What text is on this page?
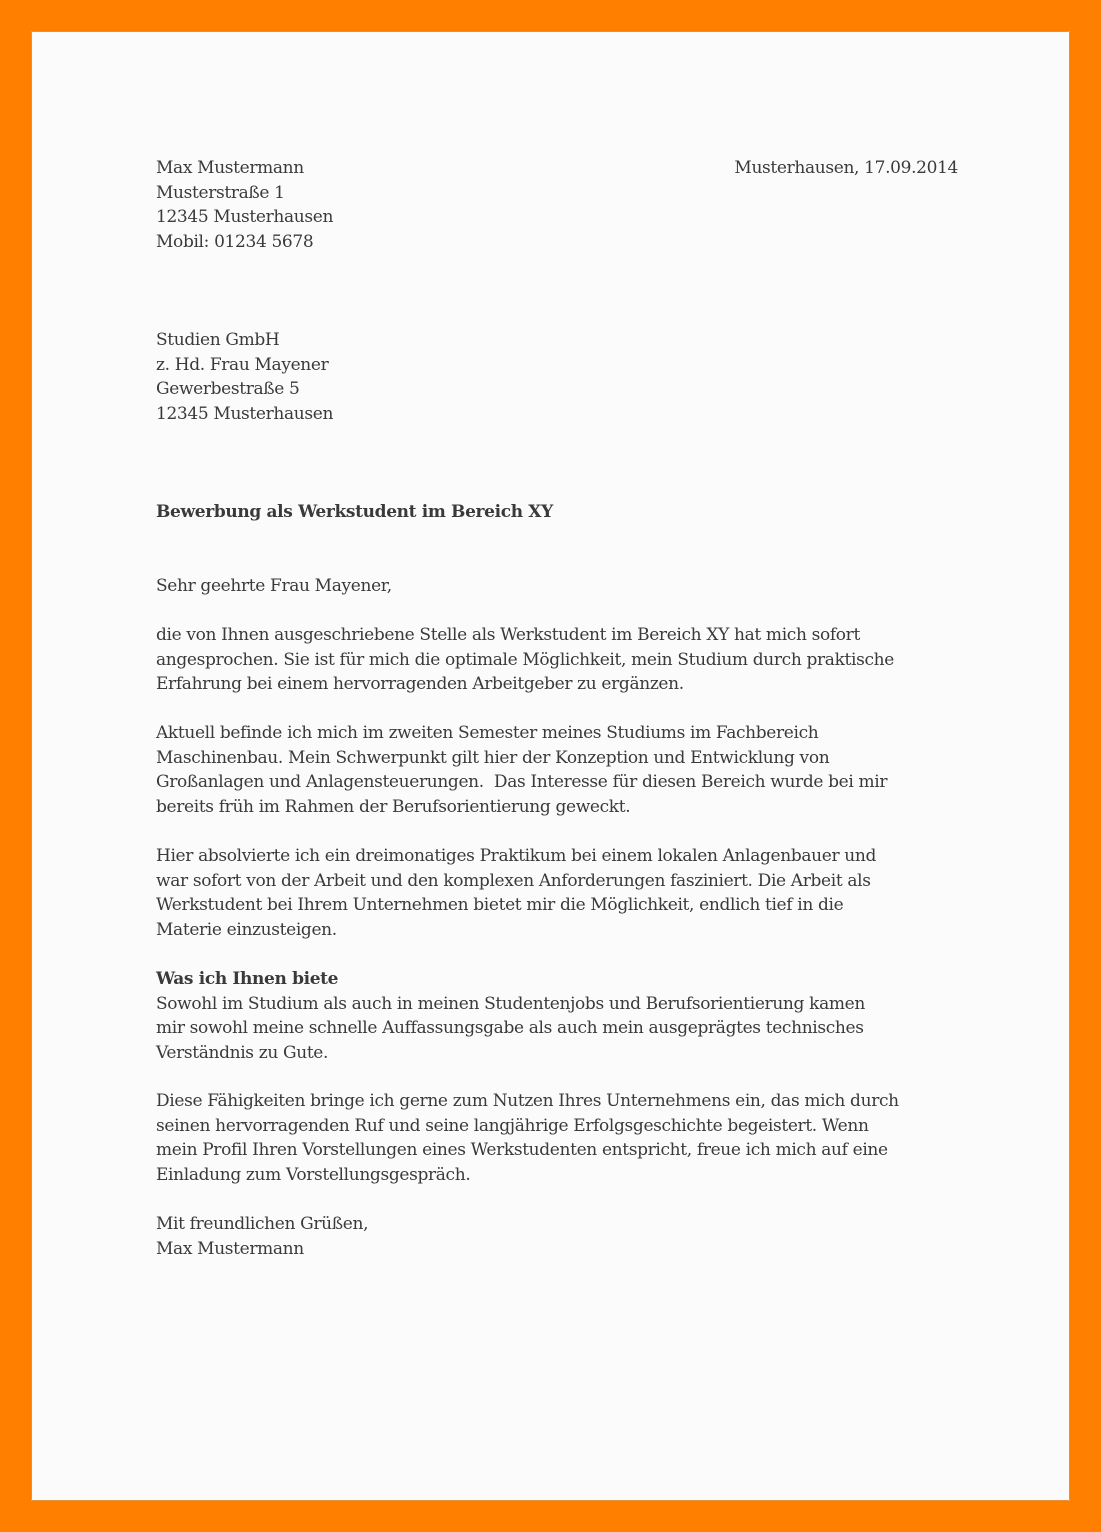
Max Mustermann
Musterstraße 1
12345 Musterhausen
Mobil: 01234 5678
Musterhausen, 17.09.2014
Studien GmbH
z. Hd. Frau Mayener
Gewerbestraße 5
12345 Musterhausen
Bewerbung als Werkstudent im Bereich XY
Sehr geehrte Frau Mayener,
die von Ihnen ausgeschriebene Stelle als Werkstudent im Bereich XY hat mich sofort
angesprochen. Sie ist für mich die optimale Möglichkeit, mein Studium durch praktische
Erfahrung bei einem hervorragenden Arbeitgeber zu ergänzen.
Aktuell befinde ich mich im zweiten Semester meines Studiums im Fachbereich
Maschinenbau. Mein Schwerpunkt gilt hier der Konzeption und Entwicklung von
Großanlagen und Anlagensteuerungen.  Das Interesse für diesen Bereich wurde bei mir
bereits früh im Rahmen der Berufsorientierung geweckt.
Hier absolvierte ich ein dreimonatiges Praktikum bei einem lokalen Anlagenbauer und
war sofort von der Arbeit und den komplexen Anforderungen fasziniert. Die Arbeit als
Werkstudent bei Ihrem Unternehmen bietet mir die Möglichkeit, endlich tief in die
Materie einzusteigen.
Was ich Ihnen biete
Sowohl im Studium als auch in meinen Studentenjobs und Berufsorientierung kamen
mir sowohl meine schnelle Auffassungsgabe als auch mein ausgeprägtes technisches
Verständnis zu Gute.
Diese Fähigkeiten bringe ich gerne zum Nutzen Ihres Unternehmens ein, das mich durch
seinen hervorragenden Ruf und seine langjährige Erfolgsgeschichte begeistert. Wenn
mein Profil Ihren Vorstellungen eines Werkstudenten entspricht, freue ich mich auf eine
Einladung zum Vorstellungsgespräch.
Mit freundlichen Grüßen,
Max Mustermann
